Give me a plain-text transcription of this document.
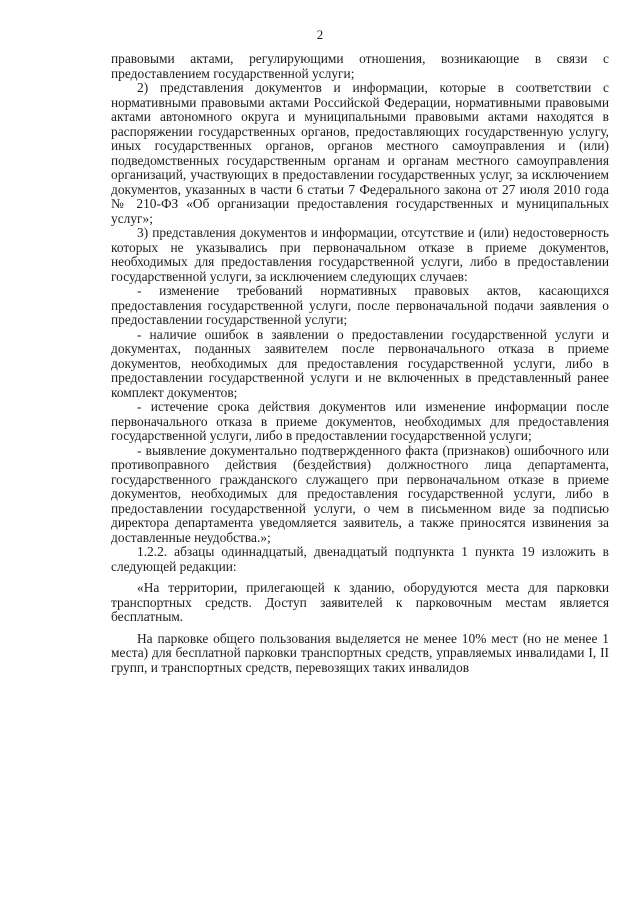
2

правовыми актами, регулирующими отношения, возникающие в связи с предоставлением государственной услуги;

2) представления документов и информации, которые в соответствии с нормативными правовыми актами Российской Федерации, нормативными правовыми актами автономного округа и муниципальными правовыми актами находятся в распоряжении государственных органов, предоставляющих государственную услугу, иных государственных органов, органов местного самоуправления и (или) подведомственных государственным органам и органам местного самоуправления организаций, участвующих в предоставлении государственных услуг, за исключением документов, указанных в части 6 статьи 7 Федерального закона от 27 июля 2010 года № 210-ФЗ «Об организации предоставления государственных и муниципальных услуг»;

3) представления документов и информации, отсутствие и (или) недостоверность которых не указывались при первоначальном отказе в приеме документов, необходимых для предоставления государственной услуги, либо в предоставлении государственной услуги, за исключением следующих случаев:

- изменение требований нормативных правовых актов, касающихся предоставления государственной услуги, после первоначальной подачи заявления о предоставлении государственной услуги;

- наличие ошибок в заявлении о предоставлении государственной услуги и документах, поданных заявителем после первоначального отказа в приеме документов, необходимых для предоставления государственной услуги, либо в предоставлении государственной услуги и не включенных в представленный ранее комплект документов;

- истечение срока действия документов или изменение информации после первоначального отказа в приеме документов, необходимых для предоставления государственной услуги, либо в предоставлении государственной услуги;

- выявление документально подтвержденного факта (признаков) ошибочного или противоправного действия (бездействия) должностного лица департамента, государственного гражданского служащего при первоначальном отказе в приеме документов, необходимых для предоставления государственной услуги, либо в предоставлении государственной услуги, о чем в письменном виде за подписью директора департамента уведомляется заявитель, а также приносятся извинения за доставленные неудобства.»;

1.2.2. абзацы одиннадцатый, двенадцатый подпункта 1 пункта 19 изложить в следующей редакции:

«На территории, прилегающей к зданию, оборудуются места для парковки транспортных средств. Доступ заявителей к парковочным местам является бесплатным.

На парковке общего пользования выделяется не менее 10% мест (но не менее 1 места) для бесплатной парковки транспортных средств, управляемых инвалидами I, II групп, и транспортных средств, перевозящих таких инвалидов
